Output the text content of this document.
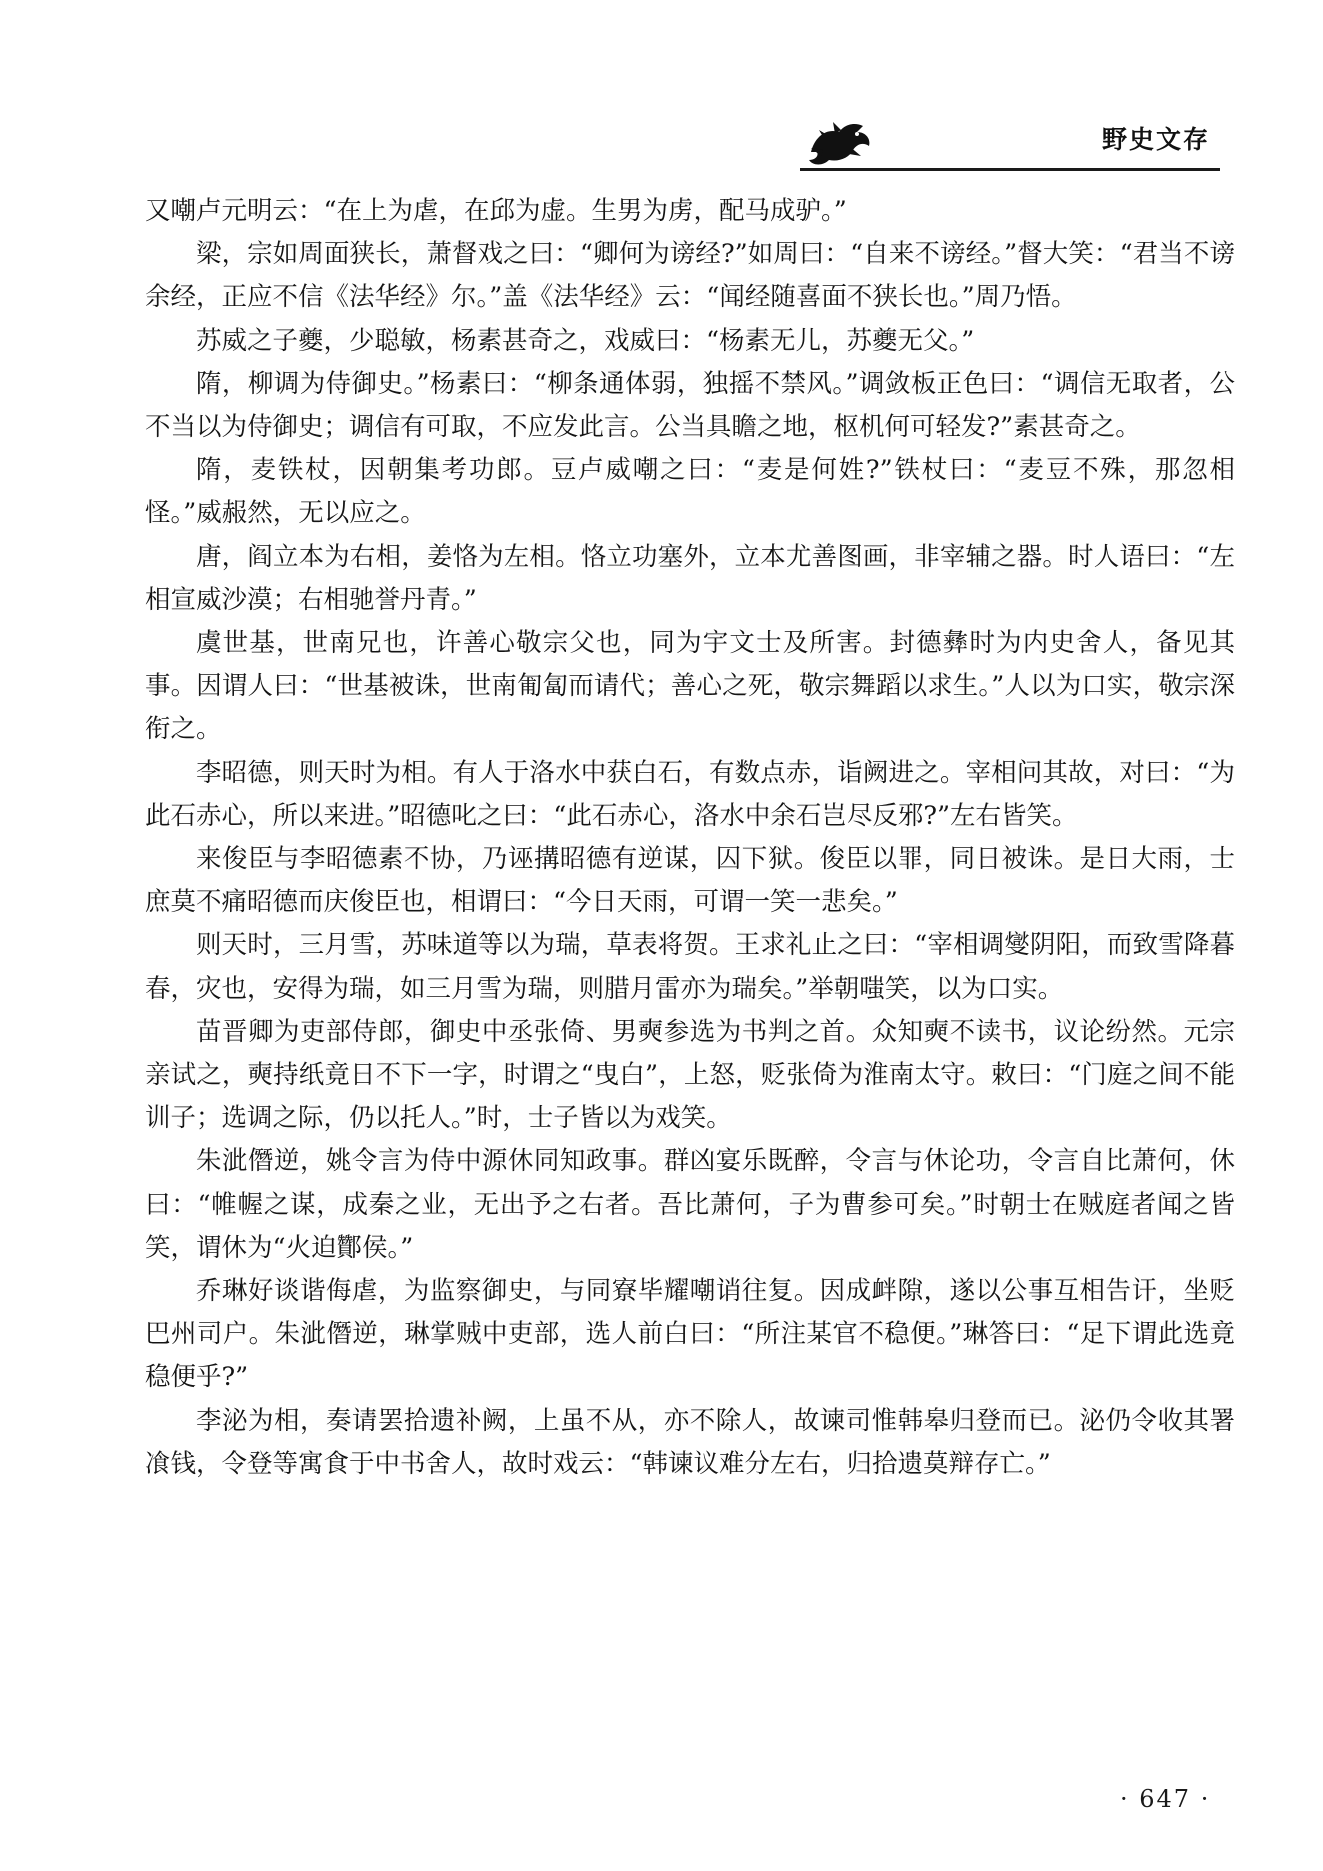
野史文存

又嘲卢元明云：“在上为虐，在邱为虚。生男为虏，配马成驴。”

梁，宗如周面狭长，萧督戏之曰：“卿何为谤经?”如周曰：“自来不谤经。”督大笑：“君当不谤余经，正应不信《法华经》尔。”盖《法华经》云：“闻经随喜面不狭长也。”周乃悟。

苏威之子夔，少聪敏，杨素甚奇之，戏威曰：“杨素无儿，苏夔无父。”

隋，柳调为侍御史。”杨素曰：“柳条通体弱，独摇不禁风。”调敛板正色曰：“调信无取者，公不当以为侍御史；调信有可取，不应发此言。公当具瞻之地，枢机何可轻发?”素甚奇之。

隋，麦铁杖，因朝集考功郎。豆卢威嘲之曰：“麦是何姓?”铁杖曰：“麦豆不殊，那忽相怪。”威赧然，无以应之。

唐，阎立本为右相，姜恪为左相。恪立功塞外，立本尤善图画，非宰辅之器。时人语曰：“左相宣威沙漠；右相驰誉丹青。”

虞世基，世南兄也，许善心敬宗父也，同为宇文士及所害。封德彝时为内史舍人，备见其事。因谓人曰：“世基被诛，世南匍匐而请代；善心之死，敬宗舞蹈以求生。”人以为口实，敬宗深衔之。

李昭德，则天时为相。有人于洛水中获白石，有数点赤，诣阙进之。宰相问其故，对曰：“为此石赤心，所以来进。”昭德叱之曰：“此石赤心，洛水中余石岂尽反邪?”左右皆笑。

来俊臣与李昭德素不协，乃诬搆昭德有逆谋，囚下狱。俊臣以罪，同日被诛。是日大雨，士庶莫不痛昭德而庆俊臣也，相谓曰：“今日天雨，可谓一笑一悲矣。”

则天时，三月雪，苏味道等以为瑞，草表将贺。王求礼止之曰：“宰相调燮阴阳，而致雪降暮春，灾也，安得为瑞，如三月雪为瑞，则腊月雷亦为瑞矣。”举朝嗤笑，以为口实。

苗晋卿为吏部侍郎，御史中丞张倚、男奭参选为书判之首。众知奭不读书，议论纷然。元宗亲试之，奭持纸竟日不下一字，时谓之“曳白”，上怒，贬张倚为淮南太守。敕曰：“门庭之间不能训子；选调之际，仍以托人。”时，士子皆以为戏笑。

朱泚僭逆，姚令言为侍中源休同知政事。群凶宴乐既醉，令言与休论功，令言自比萧何，休曰：“帷幄之谋，成秦之业，无出予之右者。吾比萧何，子为曹参可矣。”时朝士在贼庭者闻之皆笑，谓休为“火迫酇侯。”

乔琳好谈谐侮虐，为监察御史，与同寮毕耀嘲诮往复。因成衅隙，遂以公事互相告讦，坐贬巴州司户。朱泚僭逆，琳掌贼中吏部，选人前白曰：“所注某官不稳便。”琳答曰：“足下谓此选竟稳便乎?”

李泌为相，奏请罢拾遗补阙，上虽不从，亦不除人，故谏司惟韩皋归登而已。泌仍令收其署飡钱，令登等寓食于中书舍人，故时戏云：“韩谏议难分左右，归拾遗莫辩存亡。”

· 647 ·
